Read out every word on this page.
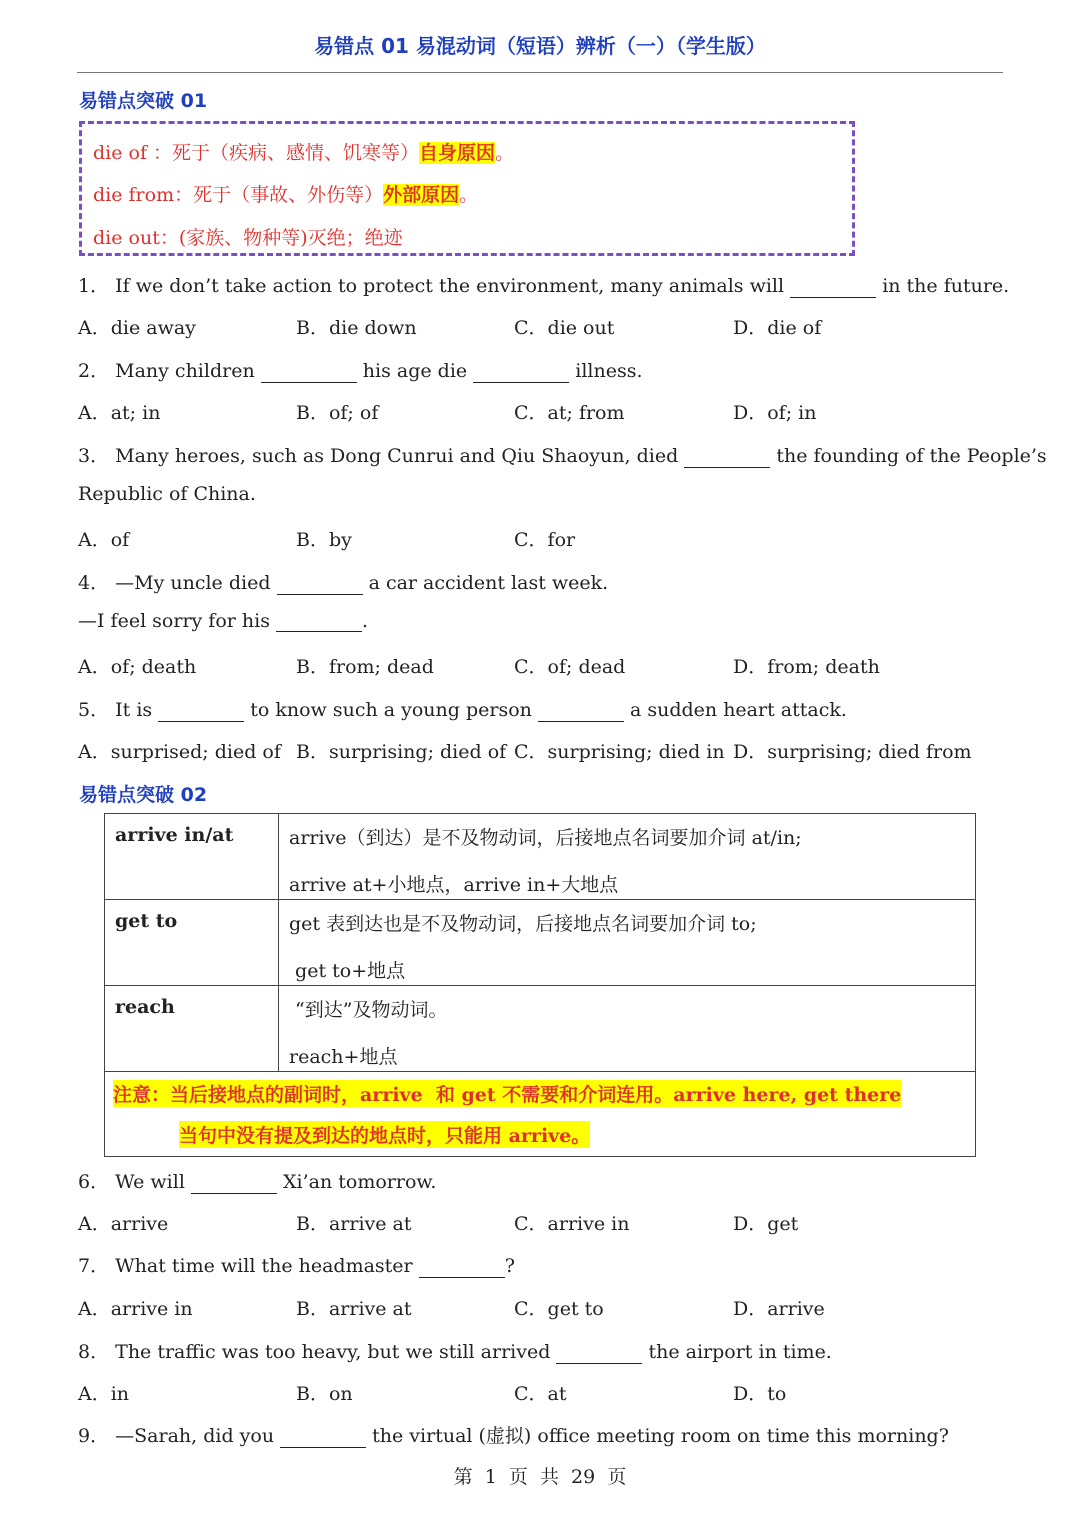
易错点 01 易混动词（短语）辨析（一）（学生版）
易错点突破 01
die of ：死于（疾病、感情、饥寒等）自身原因。
die from：死于（事故、外伤等）外部原因。
die out：(家族、物种等)灭绝；绝迹
1． If we don’t take action to protect the environment, many animals will	in the future.
A．die away	B．die down	C．die out	D．die of
2． Many children	his age die	illness.
A．at; in	B．of; of	C．at; from	D．of; in
3． Many heroes, such as Dong Cunrui and Qiu Shaoyun, died	the founding of the People’s
Republic of China.
A．of	B．by	C．for
4． —My uncle died	a car accident last week.
—I feel sorry for his	.
A．of; death	B．from; dead	C．of; dead	D．from; death
5． It is	to know such a young person	a sudden heart attack.
A．surprised; died of B．surprising; died of C．surprising; died in D．surprising; died from
易错点突破 02
arrive in/at	arrive（到达）是不及物动词，后接地点名词要加介词 at/in;
arrive at+小地点，arrive in+大地点

get to	get 表到达也是不及物动词，后接地点名词要加介词 to;
get to+地点

reach	“到达”及物动词。
reach+地点

注意：当后接地点的副词时，arrive  和 get 不需要和介词连用。arrive here, get there
当句中没有提及到达的地点时，只能用 arrive。	
6． We will	Xi’an tomorrow.
A．arrive	B．arrive at	C．arrive in	D．get
7． What time will the headmaster	?
A．arrive in	B．arrive at	C．get to	D．arrive
8． The traffic was too heavy, but we still arrived	the airport in time.
A．in	B．on	C．at	D．to
9． —Sarah, did you	the virtual (虚拟) office meeting room on time this morning?
第  1  页  共  29  页
